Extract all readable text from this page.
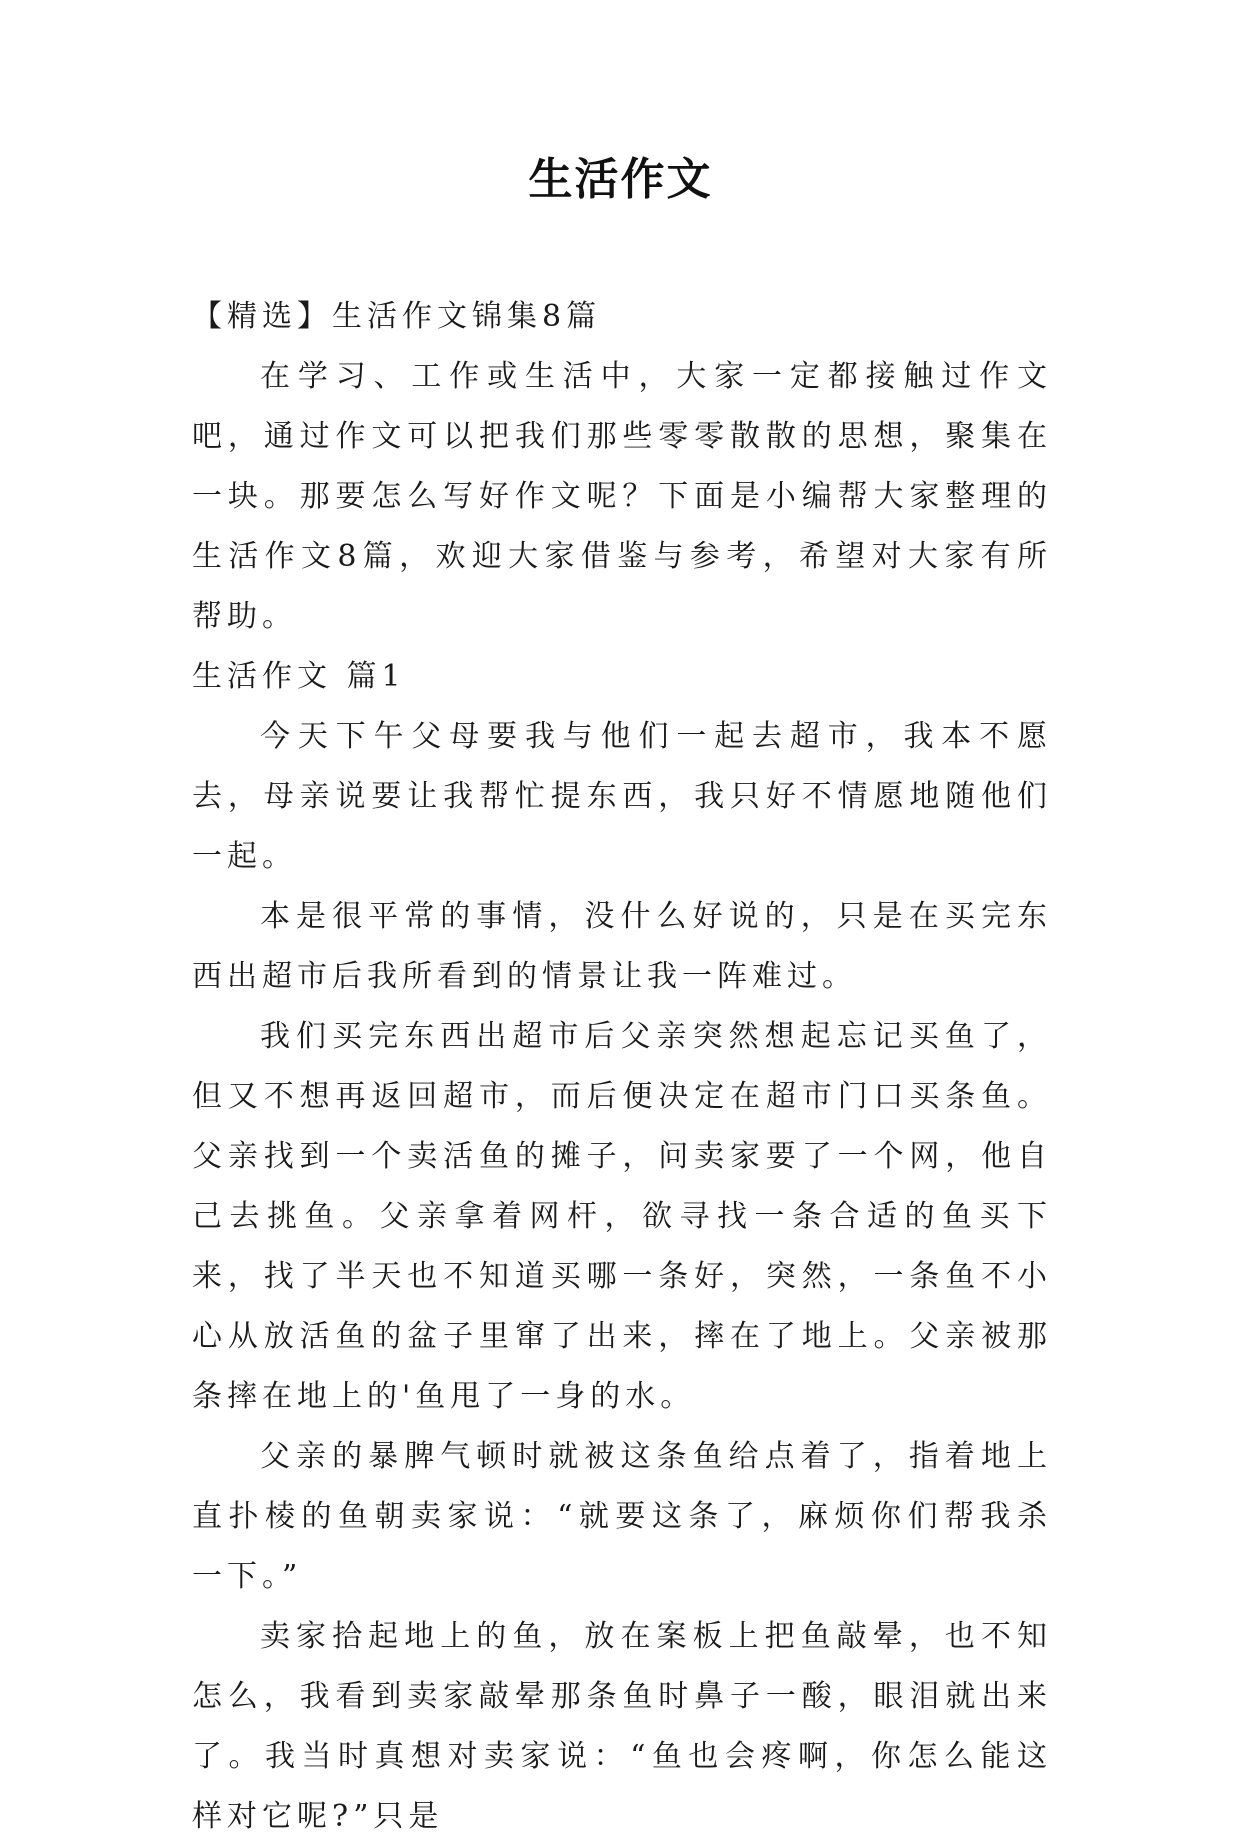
生活作文

【精选】生活作文锦集8篇

在学习、工作或生活中，大家一定都接触过作文吧，通过作文可以把我们那些零零散散的思想，聚集在一块。那要怎么写好作文呢？下面是小编帮大家整理的生活作文8篇，欢迎大家借鉴与参考，希望对大家有所帮助。

生活作文 篇1

今天下午父母要我与他们一起去超市，我本不愿去，母亲说要让我帮忙提东西，我只好不情愿地随他们一起。

本是很平常的事情，没什么好说的，只是在买完东西出超市后我所看到的情景让我一阵难过。

我们买完东西出超市后父亲突然想起忘记买鱼了，但又不想再返回超市，而后便决定在超市门口买条鱼。父亲找到一个卖活鱼的摊子，问卖家要了一个网，他自己去挑鱼。父亲拿着网杆，欲寻找一条合适的鱼买下来，找了半天也不知道买哪一条好，突然，一条鱼不小心从放活鱼的盆子里窜了出来，摔在了地上。父亲被那条摔在地上的'鱼甩了一身的水。

父亲的暴脾气顿时就被这条鱼给点着了，指着地上直扑棱的鱼朝卖家说：“就要这条了，麻烦你们帮我杀一下。”

卖家拾起地上的鱼，放在案板上把鱼敲晕，也不知怎么，我看到卖家敲晕那条鱼时鼻子一酸，眼泪就出来了。我当时真想对卖家说：“鱼也会疼啊，你怎么能这样对它呢?”只是
